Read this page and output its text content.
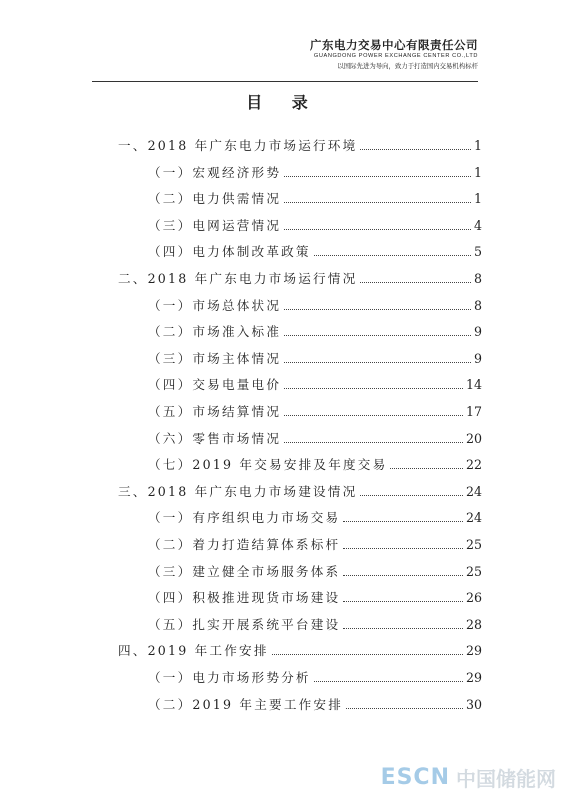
广东电力交易中心有限责任公司
GUANGDONG POWER EXCHANGE CENTER CO.,LTD
以国际先进为导向，致力于打造国内交易机构标杆
目 录
一、2018 年广东电力市场运行环境	1
（一）宏观经济形势	1
（二）电力供需情况	1
（三）电网运营情况	4
（四）电力体制改革政策	5
二、2018 年广东电力市场运行情况	8
（一）市场总体状况	8
（二）市场准入标准	9
（三）市场主体情况	9
（四）交易电量电价	14
（五）市场结算情况	17
（六）零售市场情况	20
（七）2019 年交易安排及年度交易	22
三、2018 年广东电力市场建设情况	24
（一）有序组织电力市场交易	24
（二）着力打造结算体系标杆	25
（三）建立健全市场服务体系	25
（四）积极推进现货市场建设	26
（五）扎实开展系统平台建设	28
四、2019 年工作安排	29
（一）电力市场形势分析	29
（二）2019 年主要工作安排	30
ESCN 中国储能网
